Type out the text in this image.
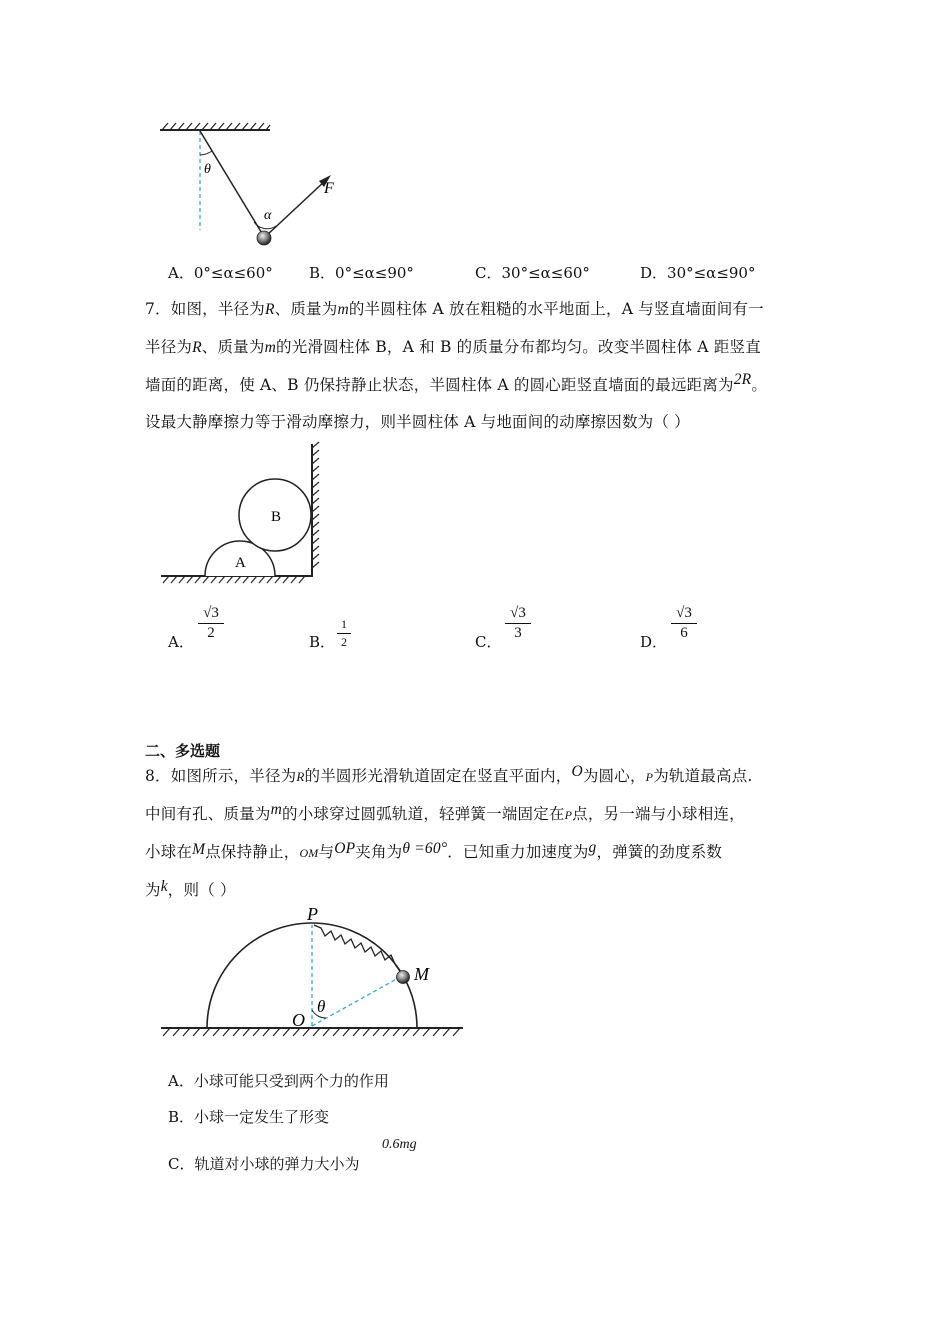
θ
α
F
A．0°≤α≤60° B．0°≤α≤90°	C．30°≤α≤60°	D．30°≤α≤90°
7．如图，半径为R、质量为m的半圆柱体 A 放在粗糙的水平地面上，A 与竖直墙面间有一
半径为R、质量为m的光滑圆柱体 B，A 和 B 的质量分布都均匀。改变半圆柱体 A 距竖直
墙面的距离，使 A、B 仍保持静止状态，半圆柱体 A 的圆心距竖直墙面的最远距离为2R。
设最大静摩擦力等于滑动摩擦力，则半圆柱体 A 与地面间的动摩擦因数为（ ）
A
B
A．
√3
2	B．
1
2	C．
√3
3	D．
√3
6
二、多选题
8．如图所示，半径为R的半圆形光滑轨道固定在竖直平面内，O为圆心，P为轨道最高点.
中间有孔、质量为m的小球穿过圆弧轨道，轻弹簧一端固定在P点，另一端与小球相连，
小球在M点保持静止，OM与OP夹角为θ =60°．已知重力加速度为g，弹簧的劲度系数
为k，则（ ）
P
M
O
θ
A．小球可能只受到两个力的作用
B．小球一定发生了形变
C．轨道对小球的弹力大小为
0.6mg
